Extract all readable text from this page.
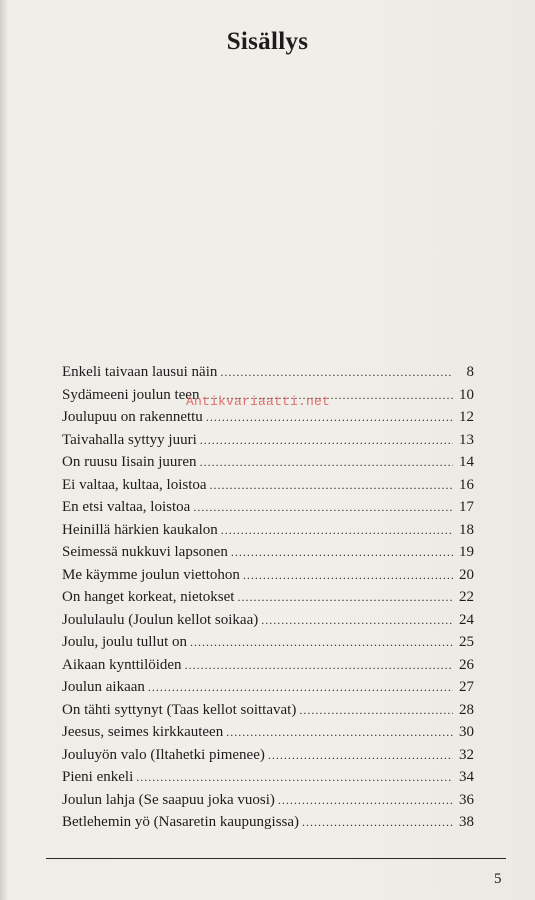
Sisällys
Enkeli taivaan lausui näin .....	8
Sydämeeni joulun teen .....	10
Joulupuu on rakennettu .....	12
Taivahalla syttyy juuri .....	13
On ruusu Iisain juuren .....	14
Ei valtaa, kultaa, loistoa .....	16
En etsi valtaa, loistoa .....	17
Heinillä härkien kaukalon .....	18
Seimessä nukkuvi lapsonen .....	19
Me käymme joulun viettohon .....	20
On hanget korkeat, nietokset .....	22
Joululaulu (Joulun kellot soikaa) .....	24
Joulu, joulu tullut on .....	25
Aikaan kynttilöiden .....	26
Joulun aikaan .....	27
On tähti syttynyt (Taas kellot soittavat) .....	28
Jeesus, seimes kirkkauteen .....	30
Jouluyön valo (Iltahetki pimenee) .....	32
Pieni enkeli .....	34
Joulun lahja (Se saapuu joka vuosi) .....	36
Betlehemin yö (Nasaretin kaupungissa) .....	38
Antikvariaatti.net
5
